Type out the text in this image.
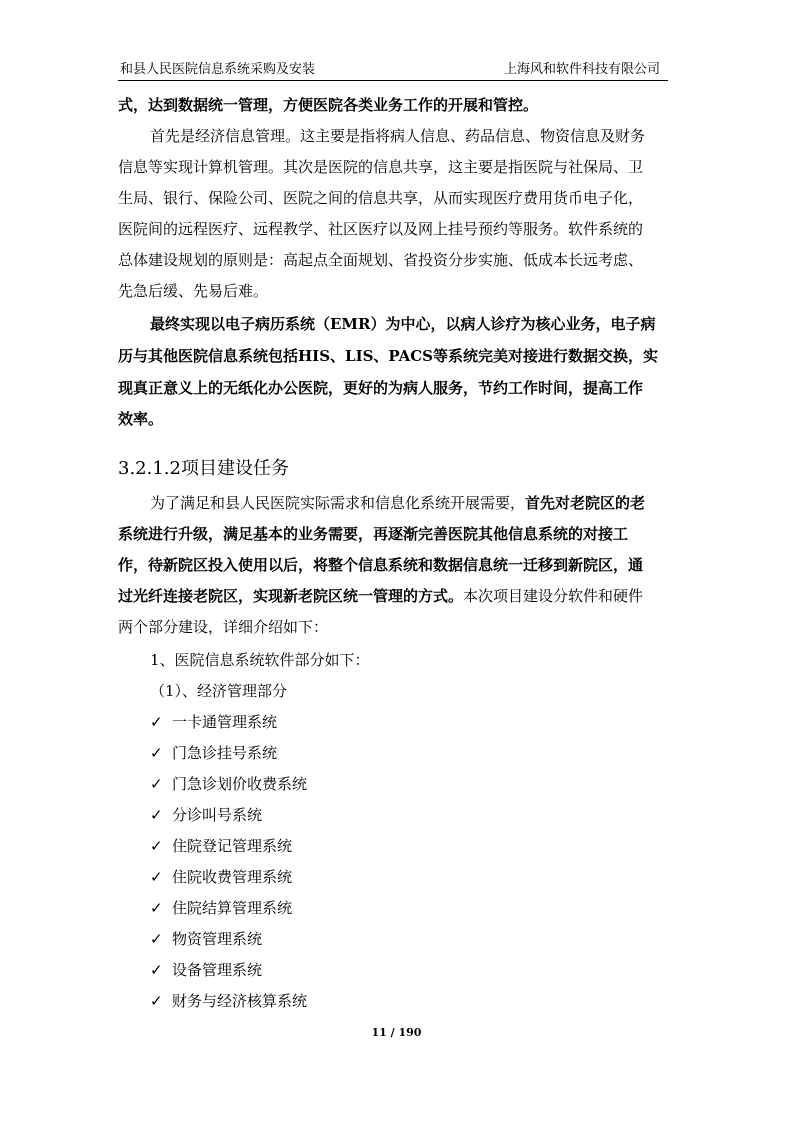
和县人民医院信息系统采购及安装	上海风和软件科技有限公司
式，达到数据统一管理，方便医院各类业务工作的开展和管控。
首先是经济信息管理。这主要是指将病人信息、药品信息、物资信息及财务
信息等实现计算机管理。其次是医院的信息共享，这主要是指医院与社保局、卫
生局、银行、保险公司、医院之间的信息共享，从而实现医疗费用货币电子化，
医院间的远程医疗、远程教学、社区医疗以及网上挂号预约等服务。软件系统的
总体建设规划的原则是：高起点全面规划、省投资分步实施、低成本长远考虑、
先急后缓、先易后难。
最终实现以电子病历系统（EMR）为中心，以病人诊疗为核心业务，电子病
历与其他医院信息系统包括HIS、LIS、PACS等系统完美对接进行数据交换，实
现真正意义上的无纸化办公医院，更好的为病人服务，节约工作时间，提高工作
效率。
3.2.1.2项目建设任务
为了满足和县人民医院实际需求和信息化系统开展需要，首先对老院区的老
系统进行升级，满足基本的业务需要，再逐渐完善医院其他信息系统的对接工
作，待新院区投入使用以后，将整个信息系统和数据信息统一迁移到新院区，通
过光纤连接老院区，实现新老院区统一管理的方式。本次项目建设分软件和硬件
两个部分建设，详细介绍如下：
1、医院信息系统软件部分如下：
（1）、经济管理部分
✓ 一卡通管理系统
✓ 门急诊挂号系统
✓ 门急诊划价收费系统
✓ 分诊叫号系统
✓ 住院登记管理系统
✓ 住院收费管理系统
✓ 住院结算管理系统
✓ 物资管理系统
✓ 设备管理系统
✓ 财务与经济核算系统
11 / 190
